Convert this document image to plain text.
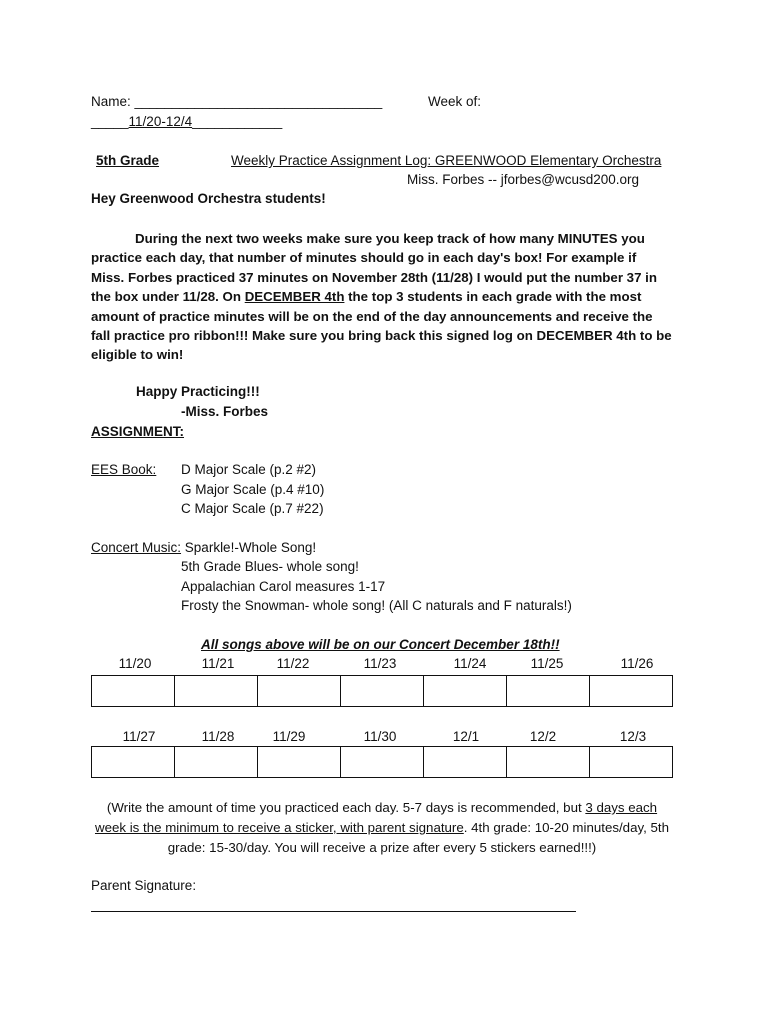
Name: _________________________________	Week of:
_____11/20-12/4____________
5th Grade	Weekly Practice Assignment Log: GREENWOOD Elementary Orchestra
Miss. Forbes -- jforbes@wcusd200.org
Hey Greenwood Orchestra students!
During the next two weeks make sure you keep track of how many MINUTES you practice each day, that number of minutes should go in each day's box! For example if Miss. Forbes practiced 37 minutes on November 28th (11/28) I would put the number 37 in the box under 11/28. On DECEMBER 4th the top 3 students in each grade with the most amount of practice minutes will be on the end of the day announcements and receive the fall practice pro ribbon!!! Make sure you bring back this signed log on DECEMBER 4th to be eligible to win!
Happy Practicing!!!
-Miss. Forbes
ASSIGNMENT:
EES Book: D Major Scale (p.2 #2)
G Major Scale (p.4 #10)
C Major Scale (p.7 #22)
Concert Music: Sparkle!-Whole Song!
5th Grade Blues- whole song!
Appalachian Carol measures 1-17
Frosty the Snowman- whole song! (All C naturals and F naturals!)
All songs above will be on our Concert December 18th!!
11/20	11/21	11/22	11/23	11/24	11/25	11/26

11/27	11/28	11/29	11/30	12/1	12/2	12/3

(Write the amount of time you practiced each day. 5-7 days is recommended, but 3 days each week is the minimum to receive a sticker, with parent signature. 4th grade: 10-20 minutes/day, 5th grade: 15-30/day. You will receive a prize after every 5 stickers earned!!!)
Parent Signature:
